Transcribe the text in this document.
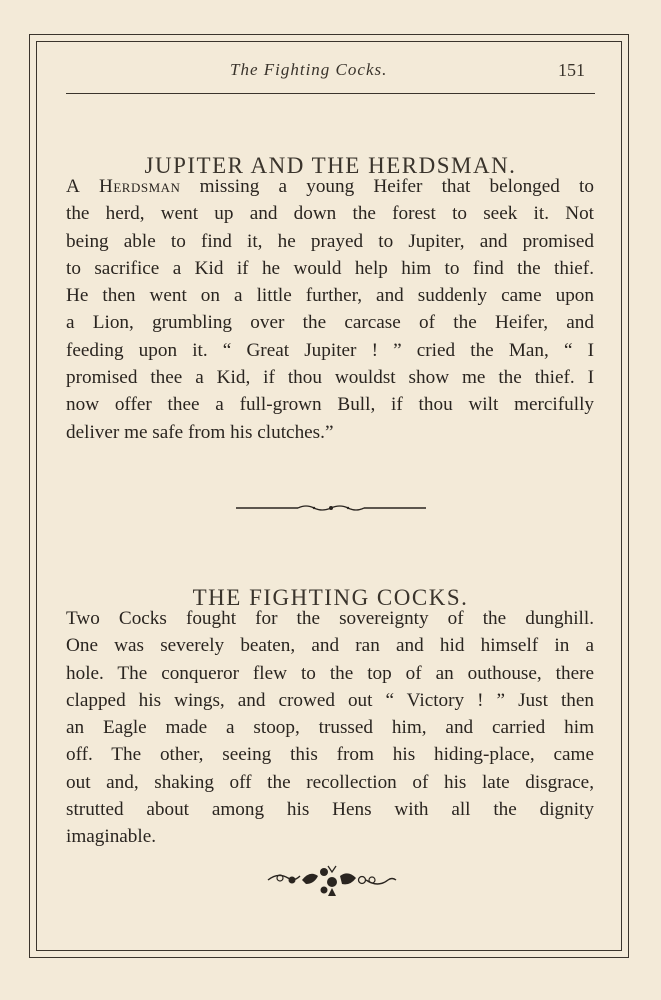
The Fighting Cocks.	151
JUPITER AND THE HERDSMAN.
A Herdsman missing a young Heifer that belonged to
the herd, went up and down the forest to seek it. Not
being able to find it, he prayed to Jupiter, and promised
to sacrifice a Kid if he would help him to find the thief.
He then went on a little further, and suddenly came upon
a Lion, grumbling over the carcase of the Heifer, and
feeding upon it. “ Great Jupiter ! ” cried the Man, “ I
promised thee a Kid, if thou wouldst show me the thief. I
now offer thee a full-grown Bull, if thou wilt mercifully
deliver me safe from his clutches.”
THE FIGHTING COCKS.
Two Cocks fought for the sovereignty of the dunghill.
One was severely beaten, and ran and hid himself in a
hole. The conqueror flew to the top of an outhouse, there
clapped his wings, and crowed out “ Victory ! ” Just then
an Eagle made a stoop, trussed him, and carried him
off. The other, seeing this from his hiding-place, came
out and, shaking off the recollection of his late disgrace,
strutted about among his Hens with all the dignity
imaginable.
